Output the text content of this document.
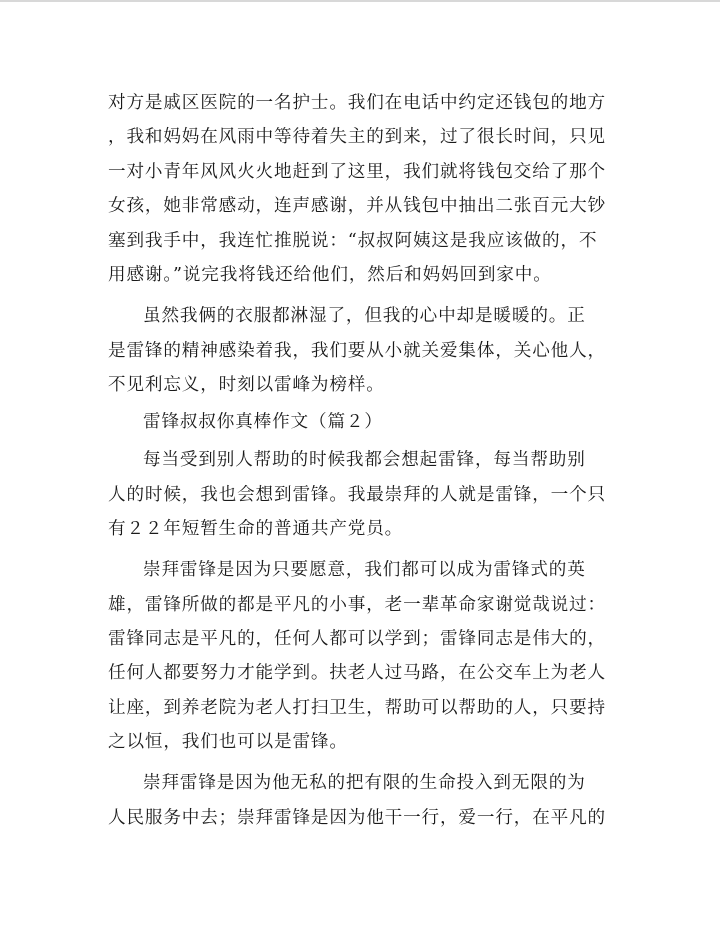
对方是戚区医院的一名护士。我们在电话中约定还钱包的地方
，我和妈妈在风雨中等待着失主的到来，过了很长时间，只见
一对小青年风风火火地赶到了这里，我们就将钱包交给了那个
女孩，她非常感动，连声感谢，并从钱包中抽出二张百元大钞
塞到我手中，我连忙推脱说：“叔叔阿姨这是我应该做的，不
用感谢。”说完我将钱还给他们，然后和妈妈回到家中。
虽然我俩的衣服都淋湿了，但我的心中却是暖暖的。正
是雷锋的精神感染着我，我们要从小就关爱集体，关心他人，
不见利忘义，时刻以雷峰为榜样。
雷锋叔叔你真棒作文（篇２）
每当受到别人帮助的时候我都会想起雷锋，每当帮助别
人的时候，我也会想到雷锋。我最崇拜的人就是雷锋，一个只
有２２年短暂生命的普通共产党员。
崇拜雷锋是因为只要愿意，我们都可以成为雷锋式的英
雄，雷锋所做的都是平凡的小事，老一辈革命家谢觉哉说过：
雷锋同志是平凡的，任何人都可以学到；雷锋同志是伟大的，
任何人都要努力才能学到。扶老人过马路，在公交车上为老人
让座，到养老院为老人打扫卫生，帮助可以帮助的人，只要持
之以恒，我们也可以是雷锋。
崇拜雷锋是因为他无私的把有限的生命投入到无限的为
人民服务中去；崇拜雷锋是因为他干一行，爱一行，在平凡的
